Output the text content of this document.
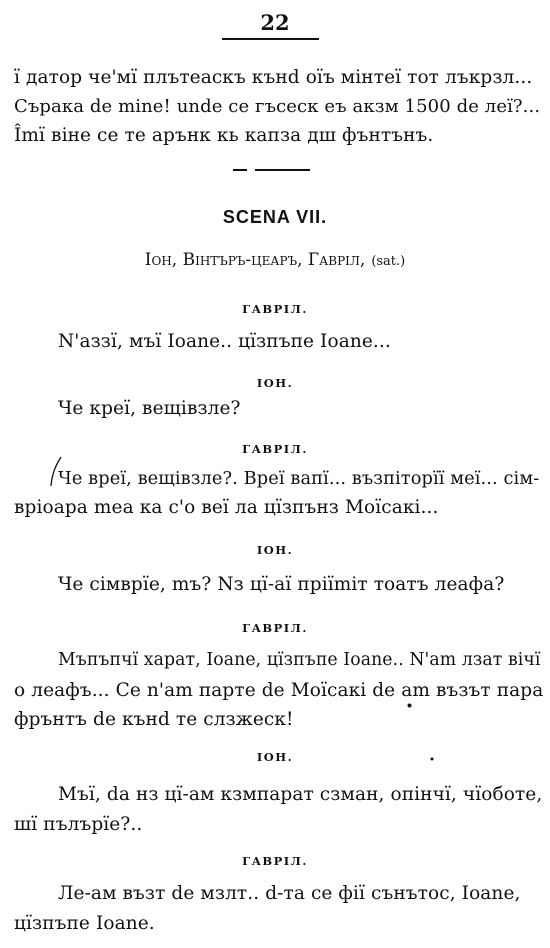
22
ї датор че'мї плътеаскъ кънd оїъ мінтеї тот лъкрзл...
Сърака de mine! unde се гъсеск еъ акзм 1500 de леї?...
Îmї віне се те арънк кь капза дш фънтънъ.
SCENA VII.
Іон, Вінтъръ-цеаръ, Гавріл, (sat.)
ГАВРІЛ.
N'аззї, мъї Ioane.. цїзпъпе Ioane...
ІОН.
Че креї, вещівзле?
ГАВРІЛ.
Че вреї, вещівзле?. Вреї вапї... възпіторїї меї... сім-
вріоара mea ка с'о веї ла цїзпънз Моїсакі...
ІОН.
Че сімврїе, mъ? Nз цї-аї пріїmіт тоатъ леафа?
ГАВРІЛ.
Мъпъпчї харат, Ioane, цїзпъпе Ioane.. N'am лзат вічї
о леафъ... Се n'am парте de Моїсакі de am възът пара
фрънтъ de кънd те слзжеск!
ІОН.
Мъї, da нз цї-ам кзмпарат сзман, опінчї, чїоботе,
шї пълърїе?..
ГАВРІЛ.
Ле-ам възт de мзлт.. d-та се фії сънътос, Ioane,
цїзпъпе Ioane.
